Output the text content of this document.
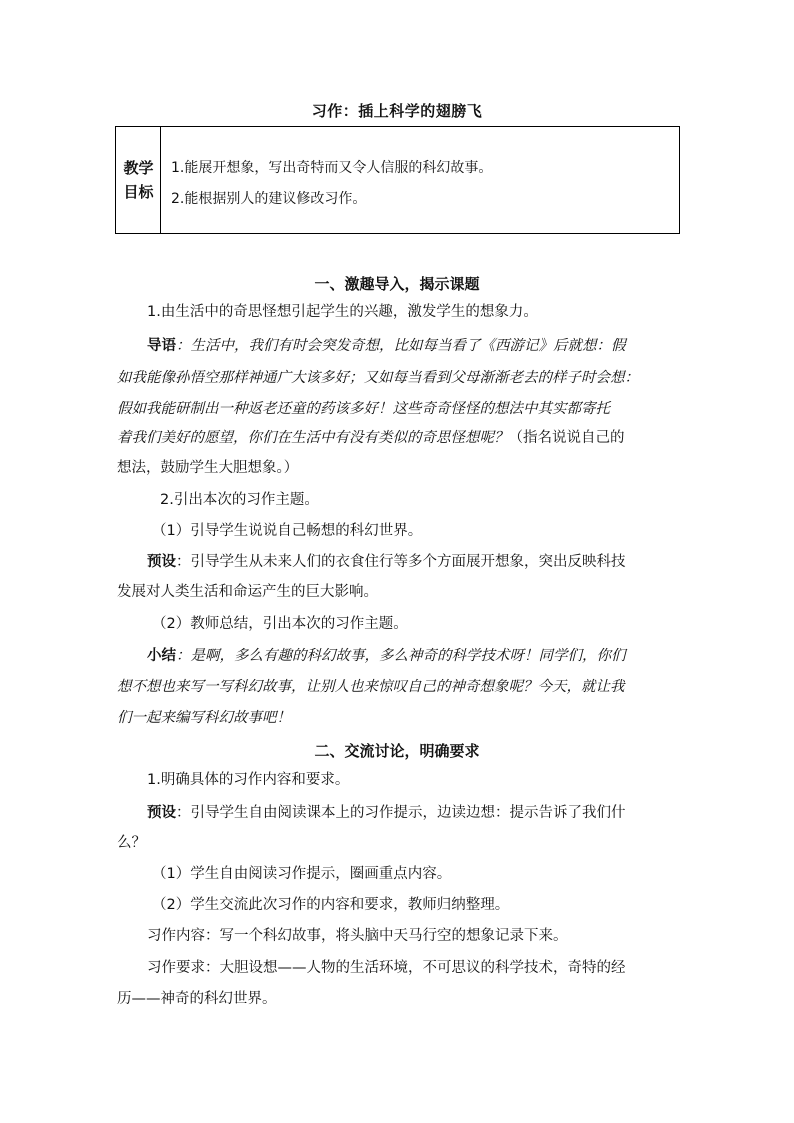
习作：插上科学的翅膀飞
教学
目标
1.能展开想象，写出奇特而又令人信服的科幻故事。
2.能根据别人的建议修改习作。
一、激趣导入，揭示课题
1.由生活中的奇思怪想引起学生的兴趣，激发学生的想象力。
导语：生活中，我们有时会突发奇想，比如每当看了《西游记》后就想：假
如我能像孙悟空那样神通广大该多好；又如每当看到父母渐渐老去的样子时会想：
假如我能研制出一种返老还童的药该多好！这些奇奇怪怪的想法中其实都寄托
着我们美好的愿望，你们在生活中有没有类似的奇思怪想呢？（指名说说自己的
想法，鼓励学生大胆想象。）
2.引出本次的习作主题。
（1）引导学生说说自己畅想的科幻世界。
预设：引导学生从未来人们的衣食住行等多个方面展开想象，突出反映科技
发展对人类生活和命运产生的巨大影响。
（2）教师总结，引出本次的习作主题。
小结：是啊，多么有趣的科幻故事，多么神奇的科学技术呀！同学们，你们
想不想也来写一写科幻故事，让别人也来惊叹自己的神奇想象呢？今天，就让我
们一起来编写科幻故事吧！
二、交流讨论，明确要求
1.明确具体的习作内容和要求。
预设：引导学生自由阅读课本上的习作提示，边读边想：提示告诉了我们什
么？
（1）学生自由阅读习作提示，圈画重点内容。
（2）学生交流此次习作的内容和要求，教师归纳整理。
习作内容：写一个科幻故事，将头脑中天马行空的想象记录下来。
习作要求：大胆设想——人物的生活环境，不可思议的科学技术，奇特的经
历——神奇的科幻世界。
